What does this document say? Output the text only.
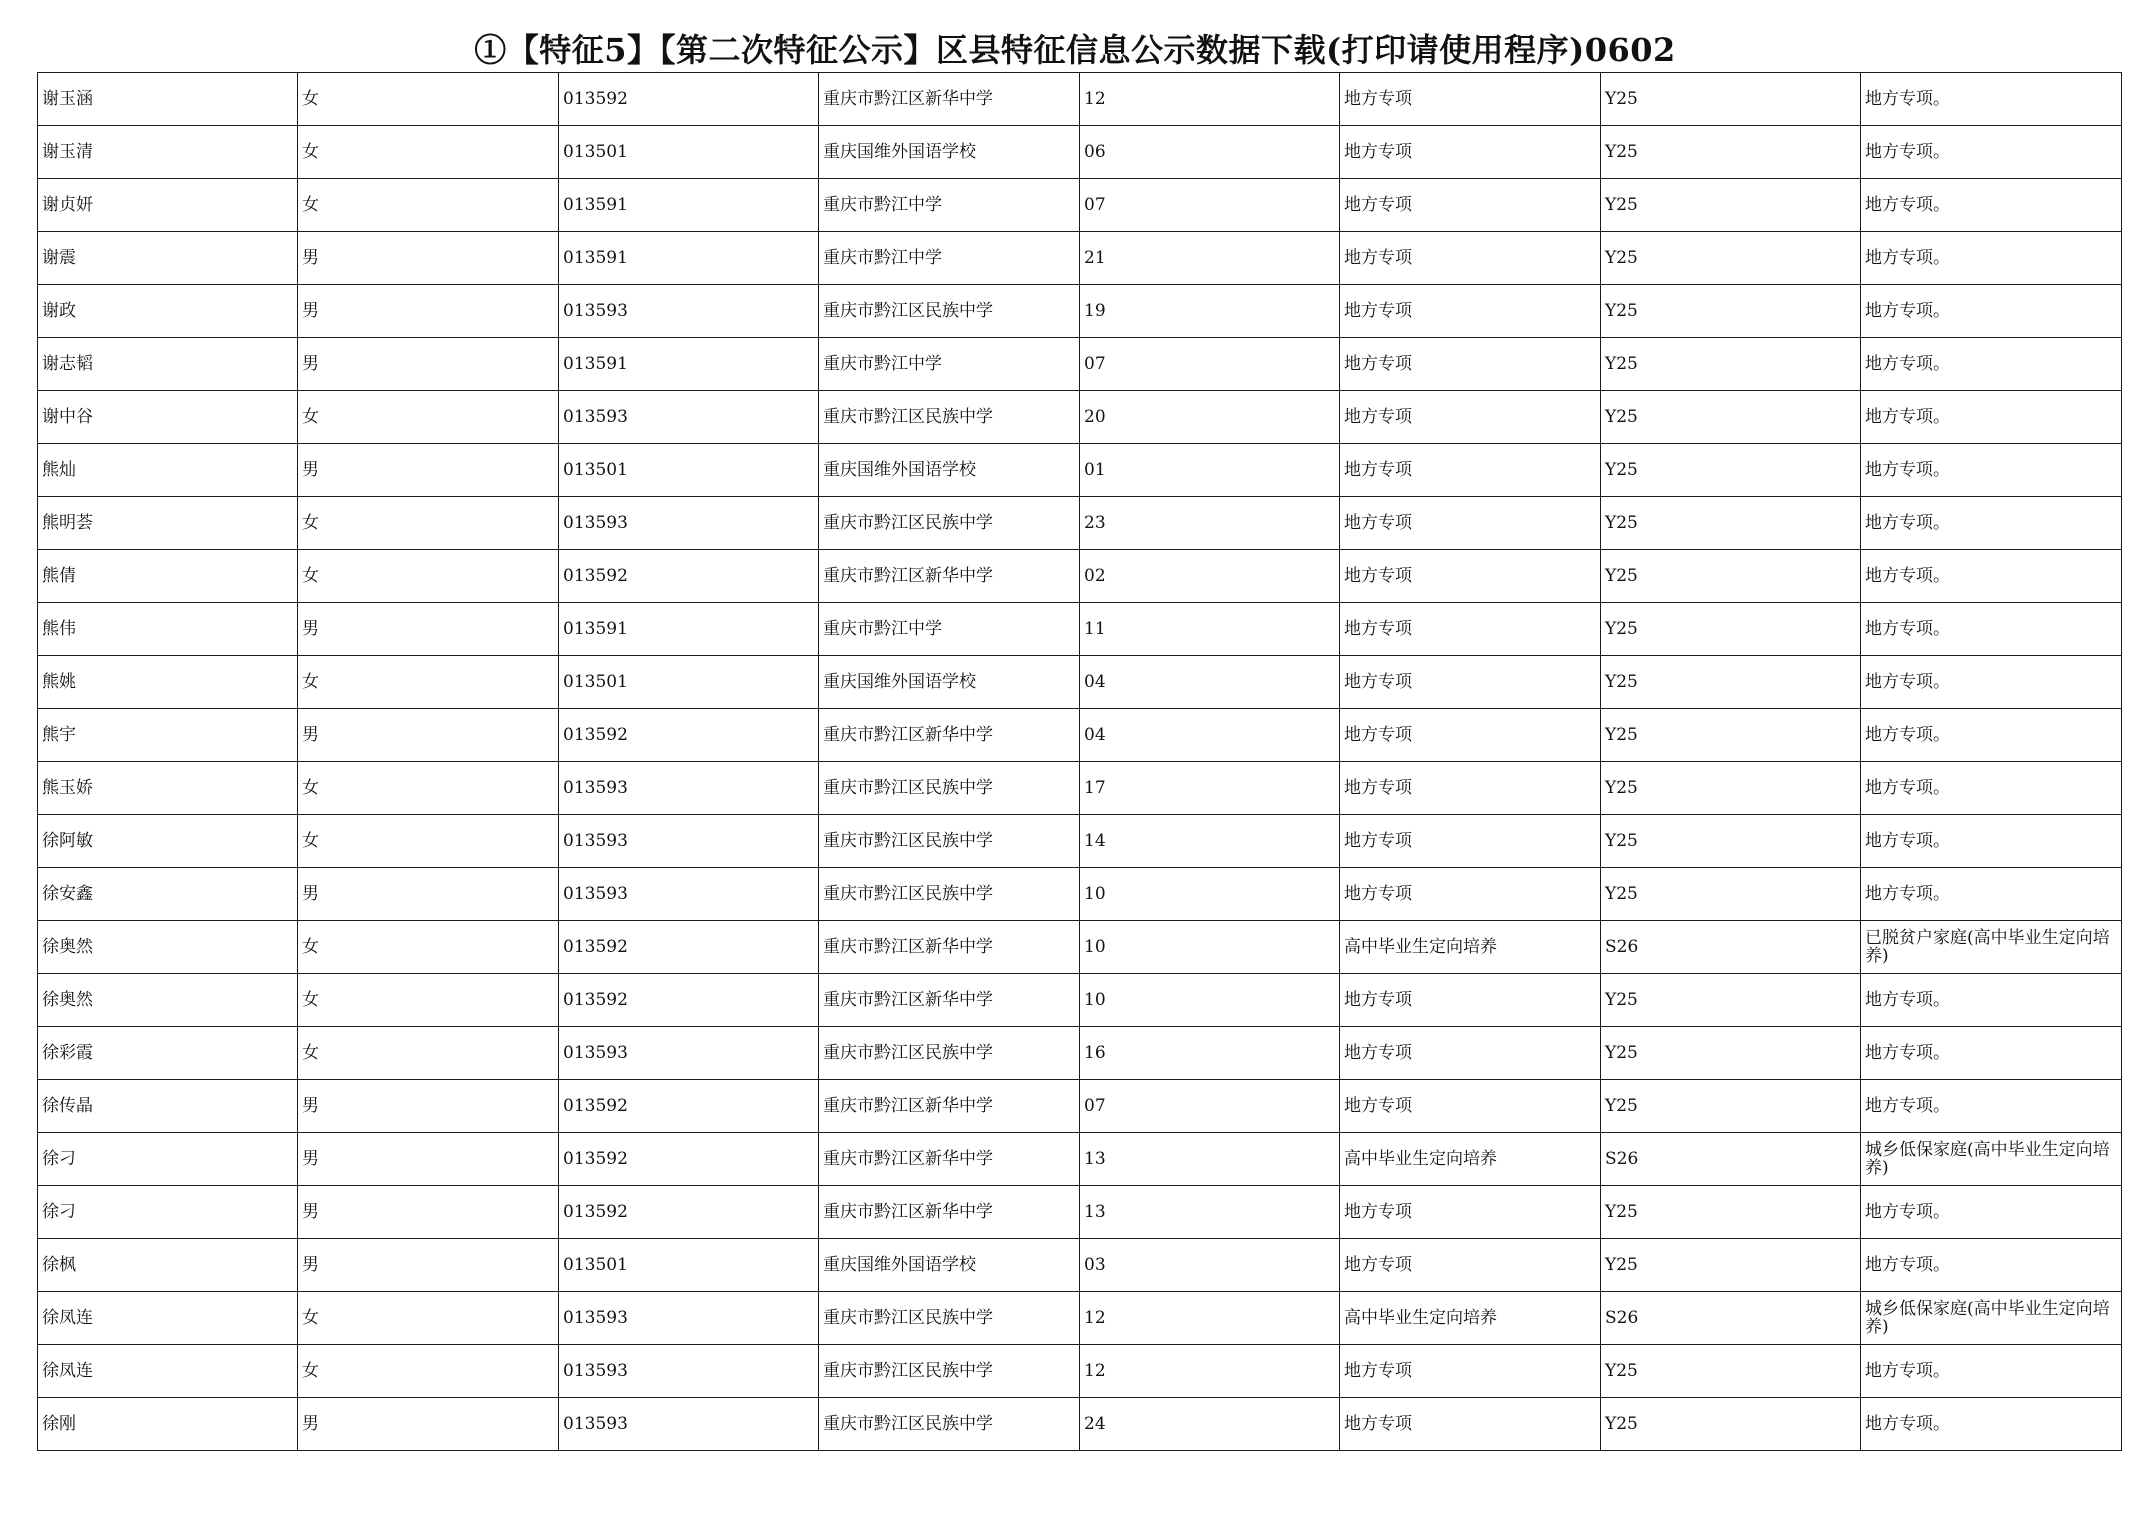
①【特征5】【第二次特征公示】区县特征信息公示数据下载(打印请使用程序)0602
谢玉涵	女	013592	重庆市黔江区新华中学	12	地方专项	Y25	地方专项。
谢玉清	女	013501	重庆国维外国语学校	06	地方专项	Y25	地方专项。
谢贞妍	女	013591	重庆市黔江中学	07	地方专项	Y25	地方专项。
谢震	男	013591	重庆市黔江中学	21	地方专项	Y25	地方专项。
谢政	男	013593	重庆市黔江区民族中学	19	地方专项	Y25	地方专项。
谢志韬	男	013591	重庆市黔江中学	07	地方专项	Y25	地方专项。
谢中谷	女	013593	重庆市黔江区民族中学	20	地方专项	Y25	地方专项。
熊灿	男	013501	重庆国维外国语学校	01	地方专项	Y25	地方专项。
熊明荟	女	013593	重庆市黔江区民族中学	23	地方专项	Y25	地方专项。
熊倩	女	013592	重庆市黔江区新华中学	02	地方专项	Y25	地方专项。
熊伟	男	013591	重庆市黔江中学	11	地方专项	Y25	地方专项。
熊姚	女	013501	重庆国维外国语学校	04	地方专项	Y25	地方专项。
熊宇	男	013592	重庆市黔江区新华中学	04	地方专项	Y25	地方专项。
熊玉娇	女	013593	重庆市黔江区民族中学	17	地方专项	Y25	地方专项。
徐阿敏	女	013593	重庆市黔江区民族中学	14	地方专项	Y25	地方专项。
徐安鑫	男	013593	重庆市黔江区民族中学	10	地方专项	Y25	地方专项。
徐奥然	女	013592	重庆市黔江区新华中学	10	高中毕业生定向培养	S26	已脱贫户家庭(高中毕业生定向培养)
徐奥然	女	013592	重庆市黔江区新华中学	10	地方专项	Y25	地方专项。
徐彩霞	女	013593	重庆市黔江区民族中学	16	地方专项	Y25	地方专项。
徐传晶	男	013592	重庆市黔江区新华中学	07	地方专项	Y25	地方专项。
徐刁	男	013592	重庆市黔江区新华中学	13	高中毕业生定向培养	S26	城乡低保家庭(高中毕业生定向培养)
徐刁	男	013592	重庆市黔江区新华中学	13	地方专项	Y25	地方专项。
徐枫	男	013501	重庆国维外国语学校	03	地方专项	Y25	地方专项。
徐凤连	女	013593	重庆市黔江区民族中学	12	高中毕业生定向培养	S26	城乡低保家庭(高中毕业生定向培养)
徐凤连	女	013593	重庆市黔江区民族中学	12	地方专项	Y25	地方专项。
徐刚	男	013593	重庆市黔江区民族中学	24	地方专项	Y25	地方专项。
